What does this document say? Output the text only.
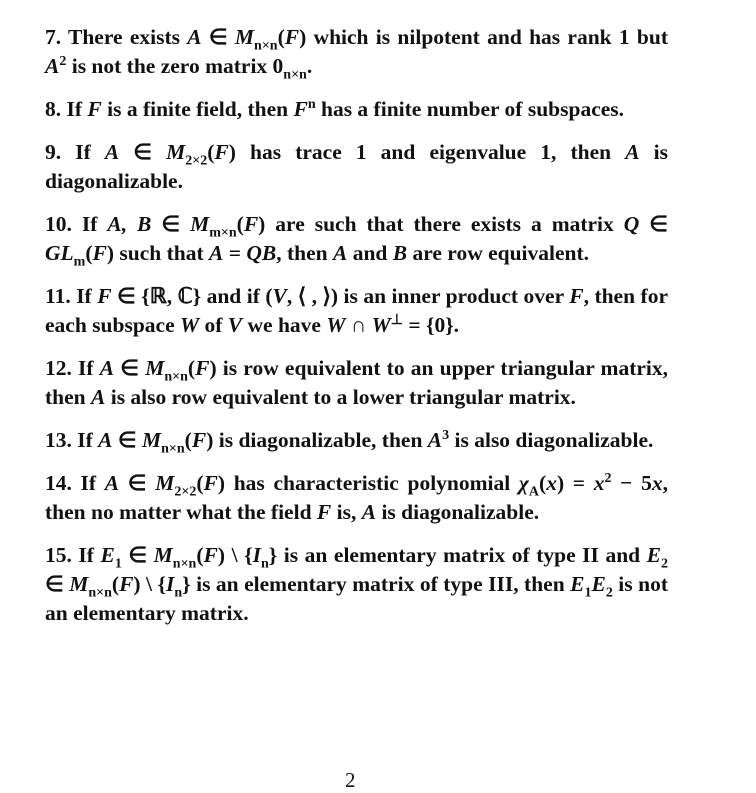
7. There exists A ∈ $M_{n\times n}(F)$ which is nilpotent and has rank 1 but $A^2$ is not the zero matrix $0_{n\times n}$.

8. If F is a finite field, then $F^n$ has a finite number of subspaces.

9. If A ∈ $M_{2\times 2}(F)$ has trace 1 and eigenvalue 1, then A is diagonalizable.

10. If A, B ∈ $M_{m\times n}(F)$ are such that there exists a matrix Q ∈ $GL_m(F)$ such that A = QB, then A and B are row equivalent.

11. If F ∈ {ℝ, ℂ} and if (V, ⟨ , ⟩) is an inner product over F, then for each subspace W of V we have W ∩ W⊥ = {0}.

12. If A ∈ $M_{n\times n}(F)$ is row equivalent to an upper triangular matrix, then A is also row equivalent to a lower triangular matrix.

13. If A ∈ $M_{n\times n}(F)$ is diagonalizable, then $A^3$ is also diagonalizable.

14. If A ∈ $M_{2\times 2}(F)$ has characteristic polynomial $\chi_A(x) = x^2 - 5x$, then no matter what the field F is, A is diagonalizable.

15. If $E_1$ ∈ $M_{n\times n}(F)$ \ $\{I_n\}$ is an elementary matrix of type II and $E_2$ ∈ $M_{n\times n}(F)$ \ $\{I_n\}$ is an elementary matrix of type III, then $E_1E_2$ is not an elementary matrix.

2
